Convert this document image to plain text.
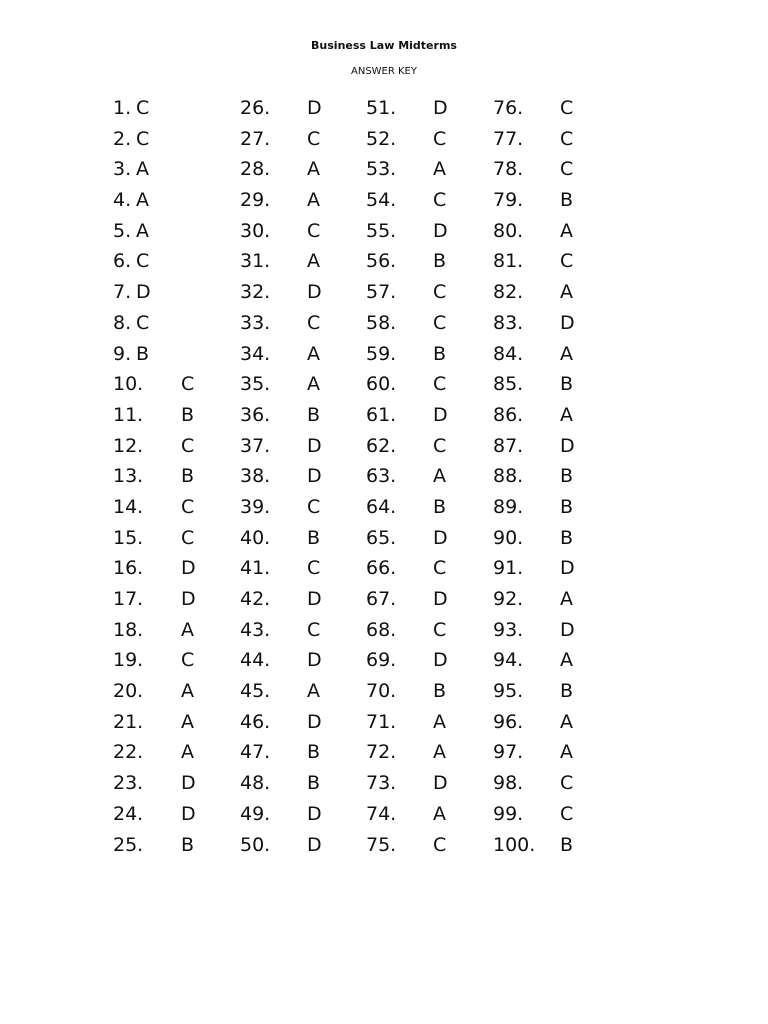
Business Law Midterms
ANSWER KEY
1. C	26. D 51. D 76. C
2. C	27. C 52. C 77. C
3. A	28. A 53. A 78. C
4. A	29. A 54. C 79. B
5. A	30. C 55. D 80. A
6. C	31. A 56. B 81. C
7. D	32. D 57. C 82. A
8. C	33. C 58. C 83. D
9. B	34. A 59. B 84. A
10. C 35. A 60. C 85. B
11. B 36. B 61. D 86. A
12. C 37. D 62. C 87. D
13. B 38. D 63. A 88. B
14. C 39. C 64. B 89. B
15. C 40. B 65. D 90. B
16. D 41. C 66. C 91. D
17. D 42. D 67. D 92. A
18. A 43. C 68. C 93. D
19. C 44. D 69. D 94. A
20. A 45. A 70. B 95. B
21. A 46. D 71. A 96. A
22. A 47. B 72. A 97. A
23. D 48. B 73. D 98. C
24. D 49. D 74. A 99. C
25. B 50. D 75. C 100. B
